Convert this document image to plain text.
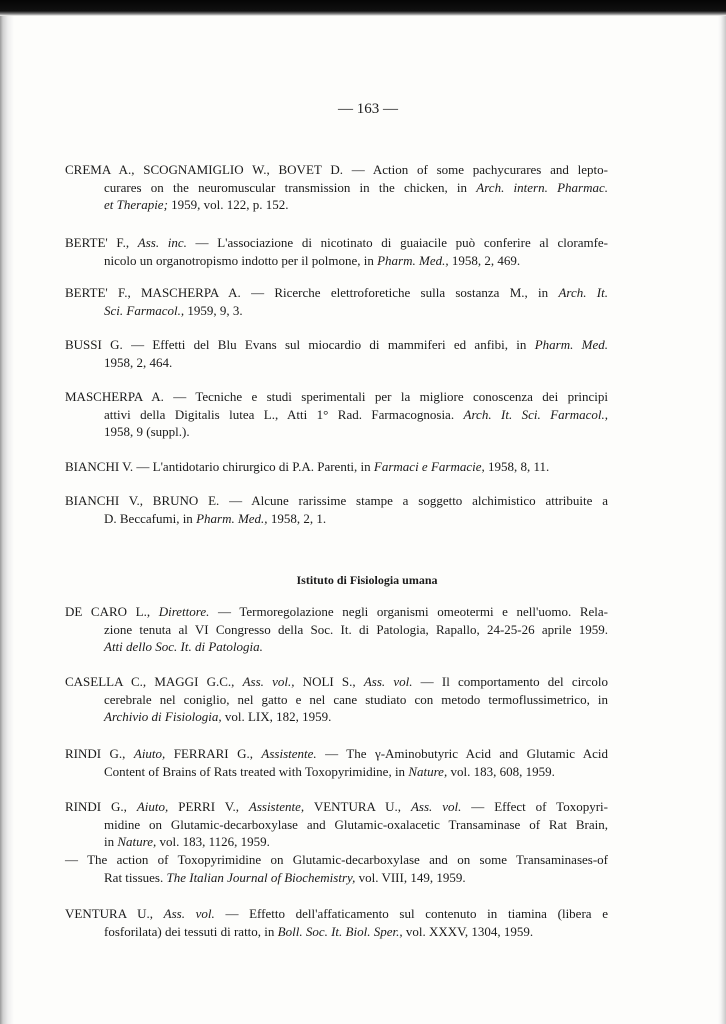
— 163 —
Istituto di Fisiologia umana
CREMA A., SCOGNAMIGLIO W., BOVET D. — Action of some pachycurares and lepto-
curares on the neuromuscular transmission in the chicken, in Arch. intern. Pharmac.
et Therapie; 1959, vol. 122, p. 152.
BERTE' F., Ass. inc. — L'associazione di nicotinato di guaiacile può conferire al cloramfe-
nicolo un organotropismo indotto per il polmone, in Pharm. Med., 1958, 2, 469.
BERTE' F., MASCHERPA A. — Ricerche elettroforetiche sulla sostanza M., in Arch. It.
Sci. Farmacol., 1959, 9, 3.
BUSSI G. — Effetti del Blu Evans sul miocardio di mammiferi ed anfibi, in Pharm. Med.
1958, 2, 464.
MASCHERPA A. — Tecniche e studi sperimentali per la migliore conoscenza dei principi
attivi della Digitalis lutea L., Atti 1° Rad. Farmacognosia. Arch. It. Sci. Farmacol.,
1958, 9 (suppl.).
BIANCHI V. — L'antidotario chirurgico di P.A. Parenti, in Farmaci e Farmacie, 1958, 8, 11.
BIANCHI V., BRUNO E. — Alcune rarissime stampe a soggetto alchimistico attribuite a
D. Beccafumi, in Pharm. Med., 1958, 2, 1.
DE CARO L., Direttore. — Termoregolazione negli organismi omeotermi e nell'uomo. Rela-
zione tenuta al VI Congresso della Soc. It. di Patologia, Rapallo, 24-25-26 aprile 1959.
Atti dello Soc. It. di Patologia.
CASELLA C., MAGGI G.C., Ass. vol., NOLI S., Ass. vol. — Il comportamento del circolo
cerebrale nel coniglio, nel gatto e nel cane studiato con metodo termoflussimetrico, in
Archivio di Fisiologia, vol. LIX, 182, 1959.
RINDI G., Aiuto, FERRARI G., Assistente. — The γ-Aminobutyric Acid and Glutamic Acid
Content of Brains of Rats treated with Toxopyrimidine, in Nature, vol. 183, 608, 1959.
RINDI G., Aiuto, PERRI V., Assistente, VENTURA U., Ass. vol. — Effect of Toxopyri-
midine on Glutamic-decarboxylase and Glutamic-oxalacetic Transaminase of Rat Brain,
in Nature, vol. 183, 1126, 1959.
— The action of Toxopyrimidine on Glutamic-decarboxylase and on some Transaminases-of
Rat tissues. The Italian Journal of Biochemistry, vol. VIII, 149, 1959.
VENTURA U., Ass. vol. — Effetto dell'affaticamento sul contenuto in tiamina (libera e
fosforilata) dei tessuti di ratto, in Boll. Soc. It. Biol. Sper., vol. XXXV, 1304, 1959.
